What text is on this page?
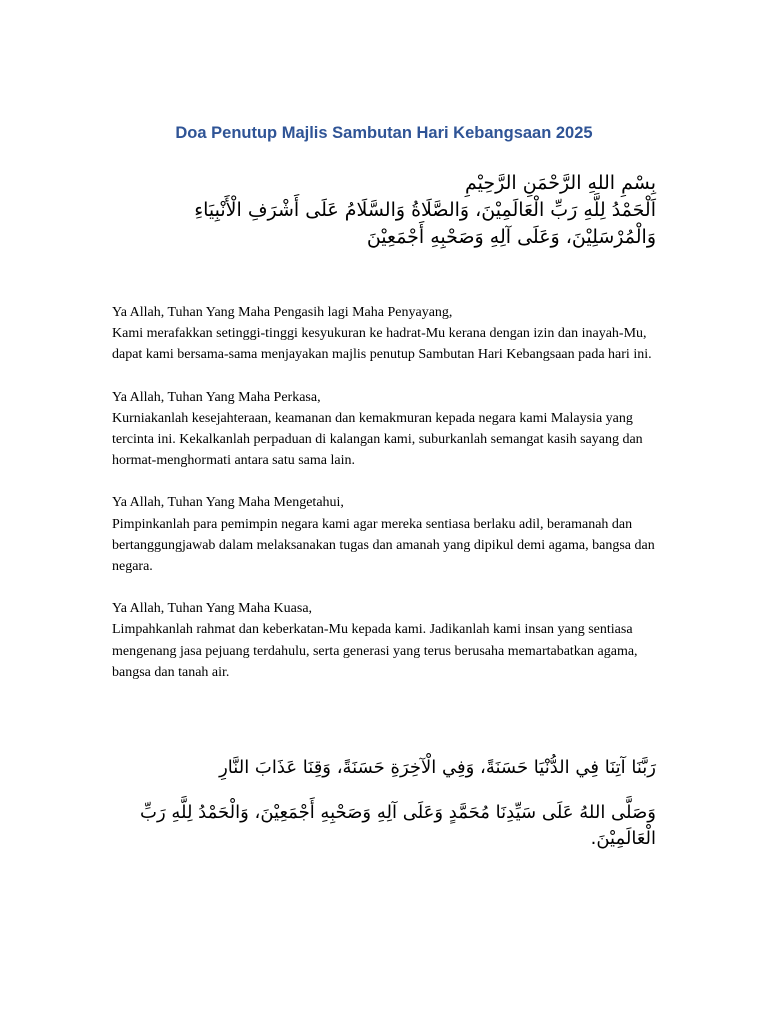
Doa Penutup Majlis Sambutan Hari Kebangsaan 2025
بِسْمِ اللهِ الرَّحْمَنِ الرَّحِيْمِ
اَلْحَمْدُ لِلَّهِ رَبِّ الْعَالَمِيْنَ، وَالصَّلَاةُ وَالسَّلَامُ عَلَى أَشْرَفِ الْأَنْبِيَاءِ
وَالْمُرْسَلِيْنَ، وَعَلَى آلِهِ وَصَحْبِهِ أَجْمَعِيْنَ
Ya Allah, Tuhan Yang Maha Pengasih lagi Maha Penyayang,
Kami merafakkan setinggi-tinggi kesyukuran ke hadrat-Mu kerana dengan izin dan inayah-Mu, dapat kami bersama-sama menjayakan majlis penutup Sambutan Hari Kebangsaan pada hari ini.
Ya Allah, Tuhan Yang Maha Perkasa,
Kurniakanlah kesejahteraan, keamanan dan kemakmuran kepada negara kami Malaysia yang tercinta ini. Kekalkanlah perpaduan di kalangan kami, suburkanlah semangat kasih sayang dan hormat-menghormati antara satu sama lain.
Ya Allah, Tuhan Yang Maha Mengetahui,
Pimpinkanlah para pemimpin negara kami agar mereka sentiasa berlaku adil, beramanah dan bertanggungjawab dalam melaksanakan tugas dan amanah yang dipikul demi agama, bangsa dan negara.
Ya Allah, Tuhan Yang Maha Kuasa,
Limpahkanlah rahmat dan keberkatan-Mu kepada kami. Jadikanlah kami insan yang sentiasa mengenang jasa pejuang terdahulu, serta generasi yang terus berusaha memartabatkan agama, bangsa dan tanah air.
رَبَّنَا آتِنَا فِي الدُّنْيَا حَسَنَةً، وَفِي الْآخِرَةِ حَسَنَةً، وَقِنَا عَذَابَ النَّارِ
وَصَلَّى اللهُ عَلَى سَيِّدِنَا مُحَمَّدٍ وَعَلَى آلِهِ وَصَحْبِهِ أَجْمَعِيْنَ، وَالْحَمْدُ لِلَّهِ رَبِّ الْعَالَمِيْنَ.
